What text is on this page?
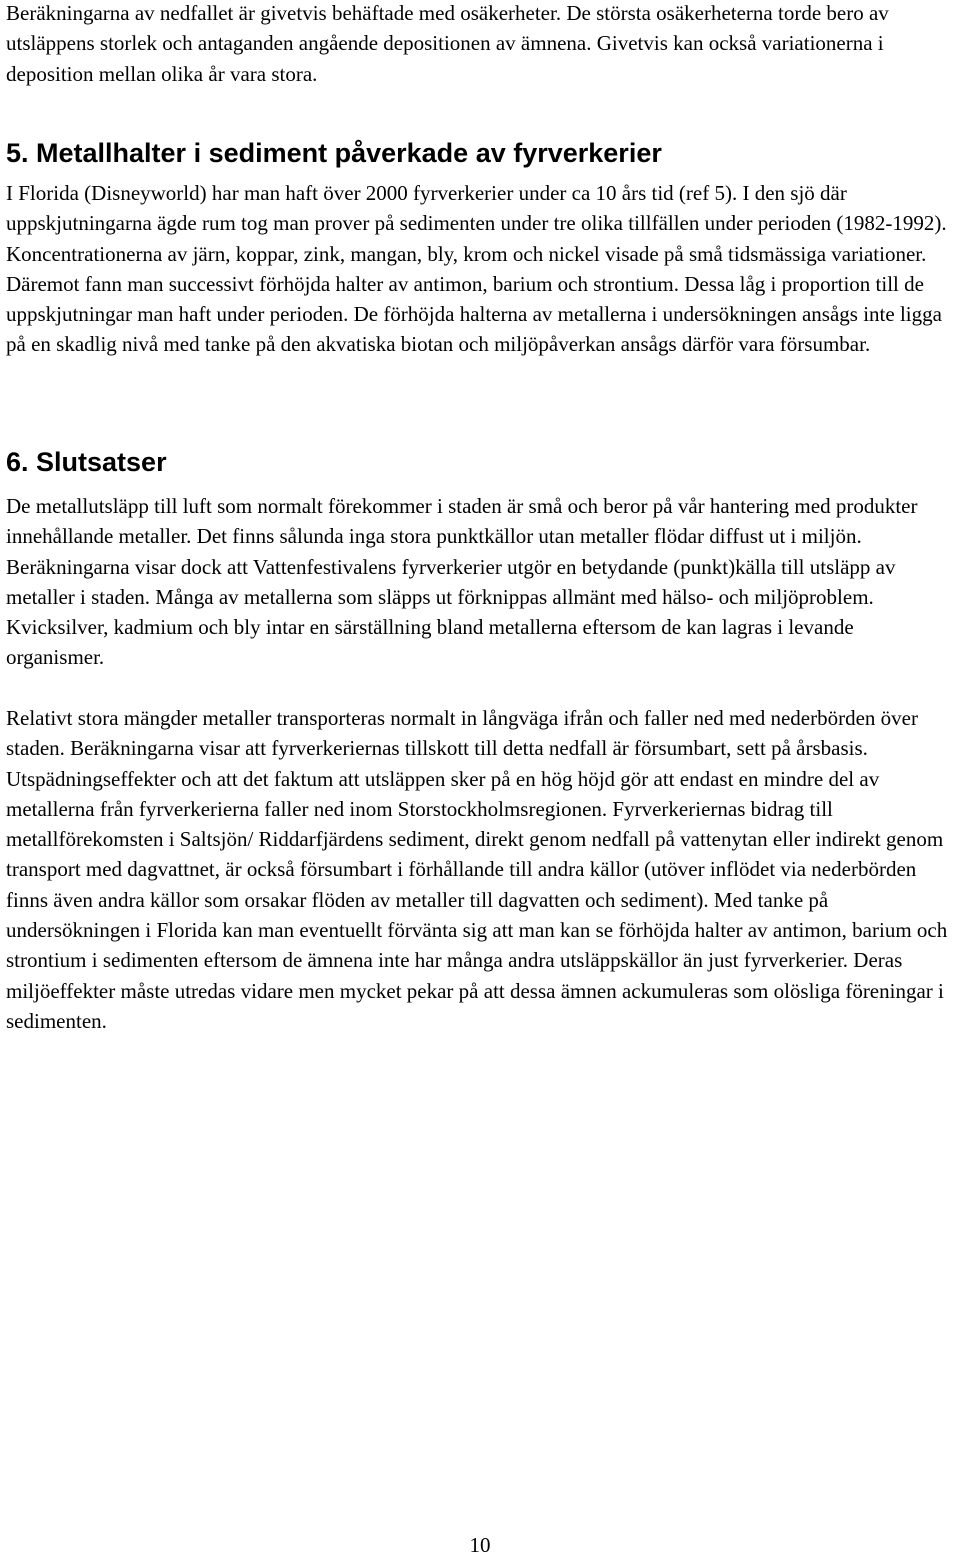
Beräkningarna av nedfallet är givetvis behäftade med osäkerheter. De största osäkerheterna torde bero av utsläppens storlek och antaganden angående depositionen av ämnena. Givetvis kan också variationerna i deposition mellan olika år vara stora.

5. Metallhalter i sediment påverkade av fyrverkerier

I Florida (Disneyworld) har man haft över 2000 fyrverkerier under ca 10 års tid (ref 5). I den sjö där uppskjutningarna ägde rum tog man prover på sedimenten under tre olika tillfällen under perioden (1982-1992). Koncentrationerna av järn, koppar, zink, mangan, bly, krom och nickel visade på små tidsmässiga variationer. Däremot fann man successivt förhöjda halter av antimon, barium och strontium. Dessa låg i proportion till de uppskjutningar man haft under perioden. De förhöjda halterna av metallerna i undersökningen ansågs inte ligga på en skadlig nivå med tanke på den akvatiska biotan och miljöpåverkan ansågs därför vara försumbar.

6. Slutsatser

De metallutsläpp till luft som normalt förekommer i staden är små och beror på vår hantering med produkter innehållande metaller. Det finns sålunda inga stora punktkällor utan metaller flödar diffust ut i miljön. Beräkningarna visar dock att Vattenfestivalens fyrverkerier utgör en betydande (punkt)källa till utsläpp av metaller i staden. Många av metallerna som släpps ut förknippas allmänt med hälso- och miljöproblem. Kvicksilver, kadmium och bly intar en särställning bland metallerna eftersom de kan lagras i levande organismer.

Relativt stora mängder metaller transporteras normalt in långväga ifrån och faller ned med nederbörden över staden. Beräkningarna visar att fyrverkeriernas tillskott till detta nedfall är försumbart, sett på årsbasis. Utspädningseffekter och att det faktum att utsläppen sker på en hög höjd gör att endast en mindre del av metallerna från fyrverkerierna faller ned inom Storstockholmsregionen. Fyrverkeriernas bidrag till metallförekomsten i Saltsjön/ Riddarfjärdens sediment, direkt genom nedfall på vattenytan eller indirekt genom transport med dagvattnet, är också försumbart i förhållande till andra källor (utöver inflödet via nederbörden finns även andra källor som orsakar flöden av metaller till dagvatten och sediment). Med tanke på undersökningen i Florida kan man eventuellt förvänta sig att man kan se förhöjda halter av antimon, barium och strontium i sedimenten eftersom de ämnena inte har många andra utsläppskällor än just fyrverkerier. Deras miljöeffekter måste utredas vidare men mycket pekar på att dessa ämnen ackumuleras som olösliga föreningar i sedimenten.

10
